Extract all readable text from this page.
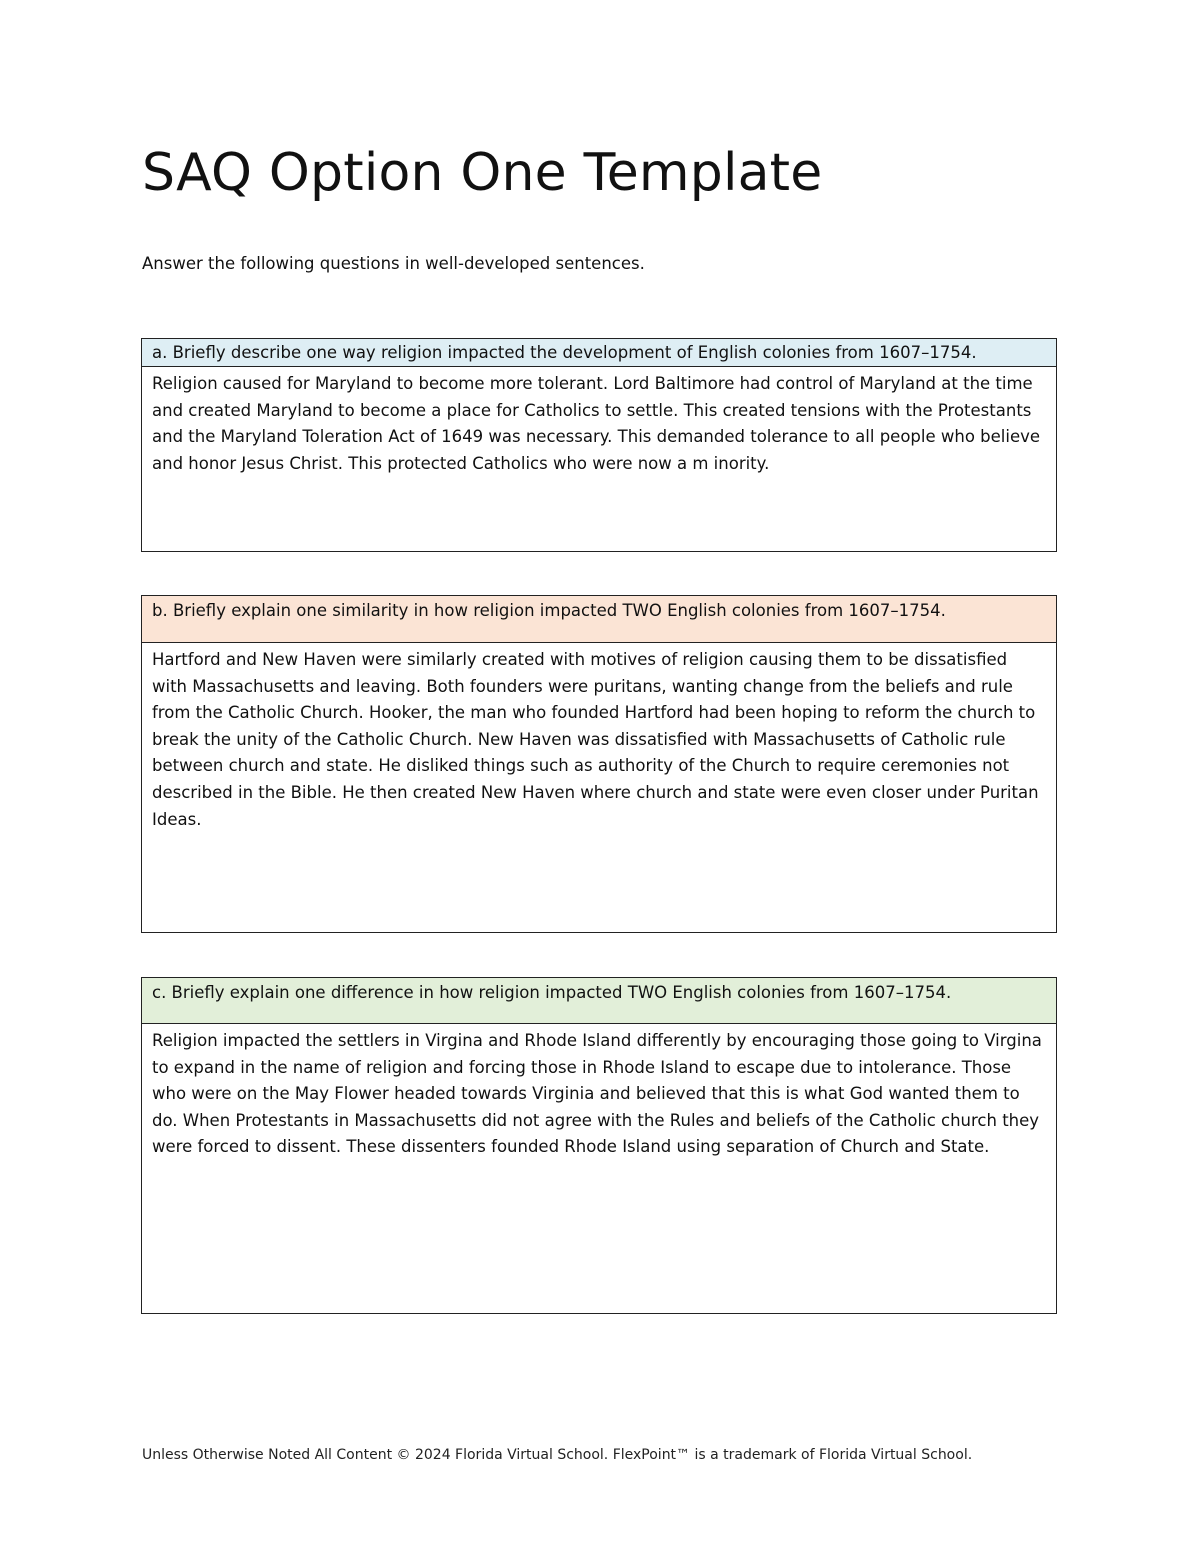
SAQ Option One Template

Answer the following questions in well-developed sentences.

a. Briefly describe one way religion impacted the development of English colonies from 1607–1754.
Religion caused for Maryland to become more tolerant. Lord Baltimore had control of Maryland at the time and created Maryland to become a place for Catholics to settle. This created tensions with the Protestants and the Maryland Toleration Act of 1649 was necessary. This demanded tolerance to all people who believe and honor Jesus Christ. This protected Catholics who were now a m inority.
b. Briefly explain one similarity in how religion impacted TWO English colonies from 1607–1754.
Hartford and New Haven were similarly created with motives of religion causing them to be dissatisfied with Massachusetts and leaving. Both founders were puritans, wanting change from the beliefs and rule from the Catholic Church. Hooker, the man who founded Hartford had been hoping to reform the church to break the unity of the Catholic Church. New Haven was dissatisfied with Massachusetts of Catholic rule between church and state. He disliked things such as authority of the Church to require ceremonies not described in the Bible. He then created New Haven where church and state were even closer under Puritan Ideas.
c. Briefly explain one difference in how religion impacted TWO English colonies from 1607–1754.
Religion impacted the settlers in Virgina and Rhode Island differently by encouraging those going to Virgina to expand in the name of religion and forcing those in Rhode Island to escape due to intolerance. Those who were on the May Flower headed towards Virginia and believed that this is what God wanted them to do. When Protestants in Massachusetts did not agree with the Rules and beliefs of the Catholic church they were forced to dissent. These dissenters founded Rhode Island using separation of Church and State.

Unless Otherwise Noted All Content © 2024 Florida Virtual School. FlexPoint™ is a trademark of Florida Virtual School.
